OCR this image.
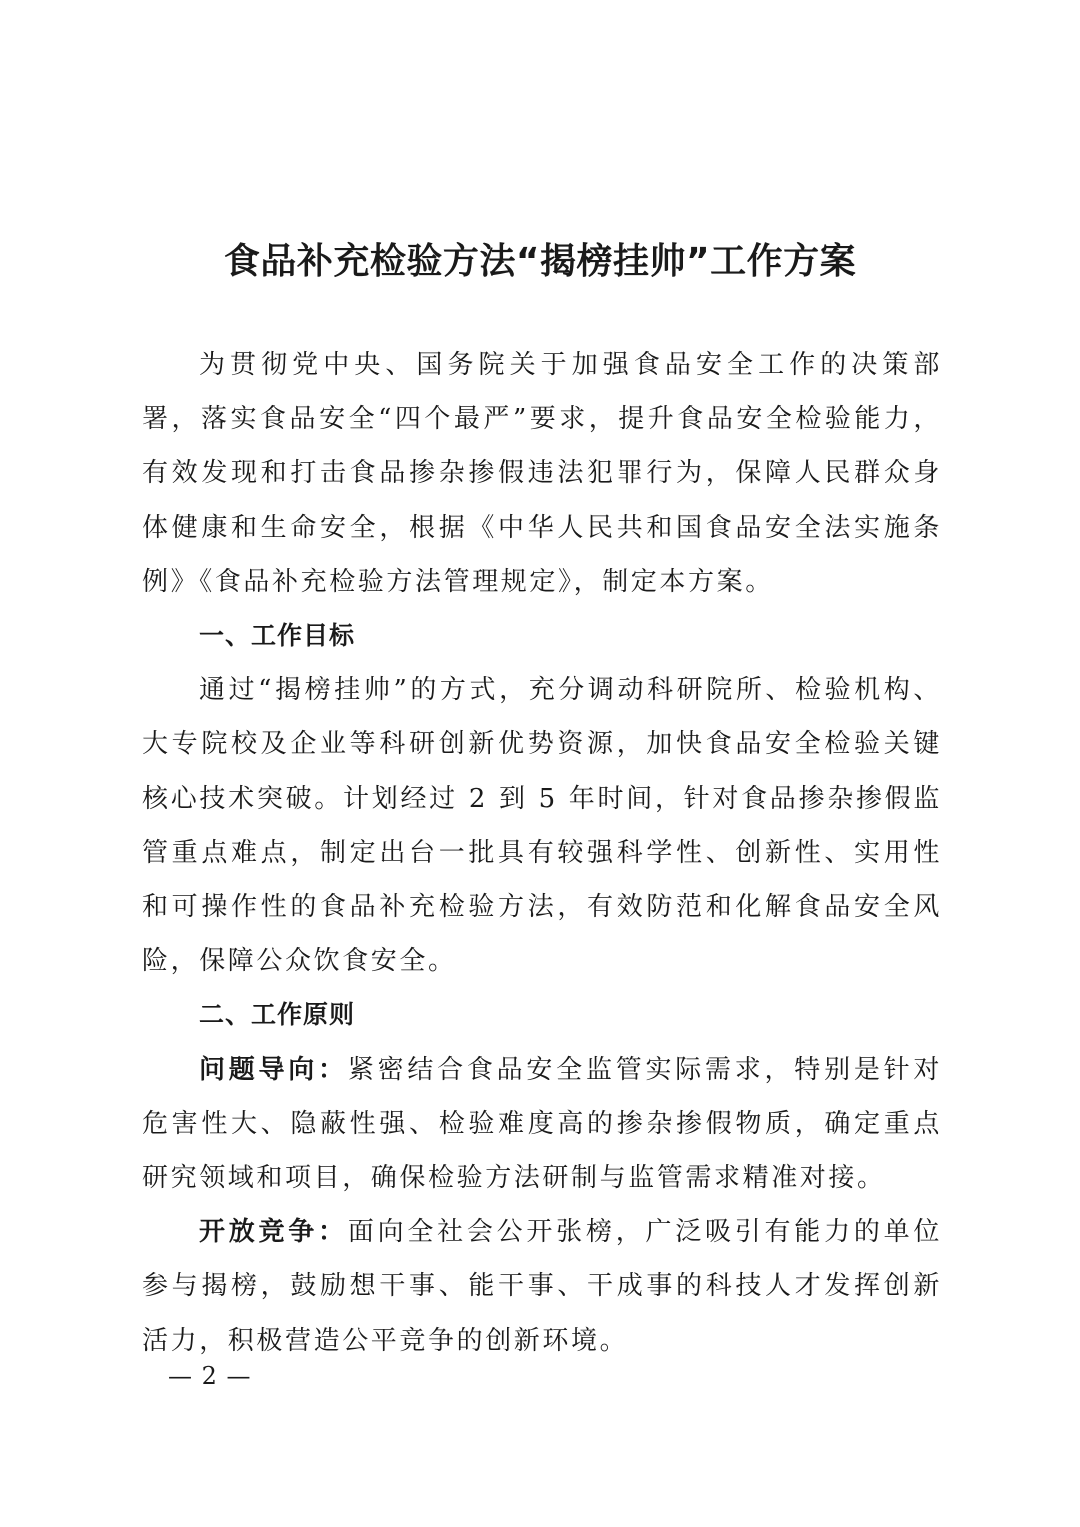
食品补充检验方法“揭榜挂帅”工作方案

为贯彻党中央、国务院关于加强食品安全工作的决策部署，落实食品安全“四个最严”要求，提升食品安全检验能力，有效发现和打击食品掺杂掺假违法犯罪行为，保障人民群众身体健康和生命安全，根据《中华人民共和国食品安全法实施条例》《食品补充检验方法管理规定》，制定本方案。

一、工作目标

通过“揭榜挂帅”的方式，充分调动科研院所、检验机构、大专院校及企业等科研创新优势资源，加快食品安全检验关键核心技术突破。计划经过 2 到 5 年时间，针对食品掺杂掺假监管重点难点，制定出台一批具有较强科学性、创新性、实用性和可操作性的食品补充检验方法，有效防范和化解食品安全风险，保障公众饮食安全。

二、工作原则

问题导向：紧密结合食品安全监管实际需求，特别是针对危害性大、隐蔽性强、检验难度高的掺杂掺假物质，确定重点研究领域和项目，确保检验方法研制与监管需求精准对接。

开放竞争：面向全社会公开张榜，广泛吸引有能力的单位参与揭榜，鼓励想干事、能干事、干成事的科技人才发挥创新活力，积极营造公平竞争的创新环境。

— 2 —
